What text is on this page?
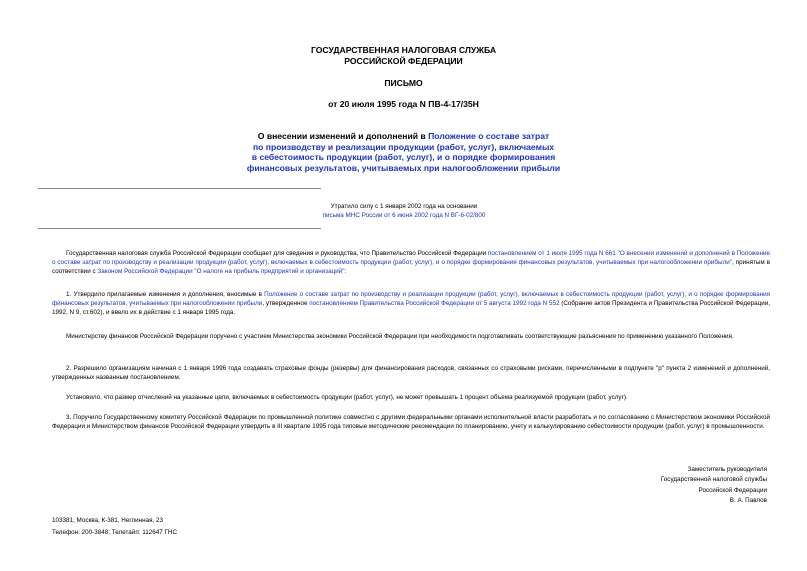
ГОСУДАРСТВЕННАЯ НАЛОГОВАЯ СЛУЖБА
РОССИЙСКОЙ ФЕДЕРАЦИИ
ПИСЬМО
от 20 июля 1995 года N ПВ-4-17/35Н
О внесении изменений и дополнений в Положение о составе затрат
по производству и реализации продукции (работ, услуг), включаемых
в себестоимость продукции (работ, услуг), и о порядке формирования
финансовых результатов, учитываемых при налогообложении прибыли
Утратило силу с 1 января 2002 года на основании
письма МНС России от 6 июня 2002 года N ВГ-6-02/800

Государственная налоговая служба Российской Федерации сообщает для сведения и руководства, что Правительство Российской Федерации постановлением от 1 июля 1995 года N 661 "О внесении изменений и дополнений в Положение о составе затрат по производству и реализации продукции (работ, услуг), включаемых в себестоимость продукции (работ, услуг), и о порядке формирования финансовых результатов, учитываемых при налогообложении прибыли", принятым в соответствии с Законом Российской Федерации "О налоге на прибыль предприятий и организаций":

1. Утвердило прилагаемые изменения и дополнения, вносимые в Положение о составе затрат по производству и реализации продукции (работ, услуг), включаемых в себестоимость продукции (работ, услуг), и о порядке формирования финансовых результатов, учитываемых при налогообложении прибыли, утвержденное постановлением Правительства Российской Федерации от 5 августа 1992 года N 552 (Собрание актов Президента и Правительства Российской Федерации, 1992, N 9, ст.602), и ввело их в действие с 1 января 1995 года.

Министерству финансов Российской Федерации поручено с участием Министерства экономики Российской Федерации при необходимости подготавливать соответствующие разъяснения по применению указанного Положения.

2. Разрешило организациям начиная с 1 января 1996 года создавать страховые фонды (резервы) для финансирования расходов, связанных со страховыми рисками, перечисленными в подпункте "р" пункта 2 изменений и дополнений, утвержденных названным постановлением.

Установило, что размер отчислений на указанные цели, включаемых в себестоимость продукции (работ, услуг), не может превышать 1 процент объема реализуемой продукции (работ, услуг).

3. Поручило Государственному комитету Российской Федерации по промышленной политике совместно с другими федеральными органами исполнительной власти разработать и по согласованию с Министерством экономики Российской Федерации и Министерством финансов Российской Федерации утвердить в III квартале 1995 года типовые методические рекомендации по планированию, учету и калькулированию себестоимости продукции (работ, услуг) в промышленности.

Заместитель руководителя
Государственной налоговой службы
Российской Федерации
В. А. Павлов
103381, Москва, К-381, Неглинная, 23
Телефон: 200-3848; Телетайп: 112647 ГНС
